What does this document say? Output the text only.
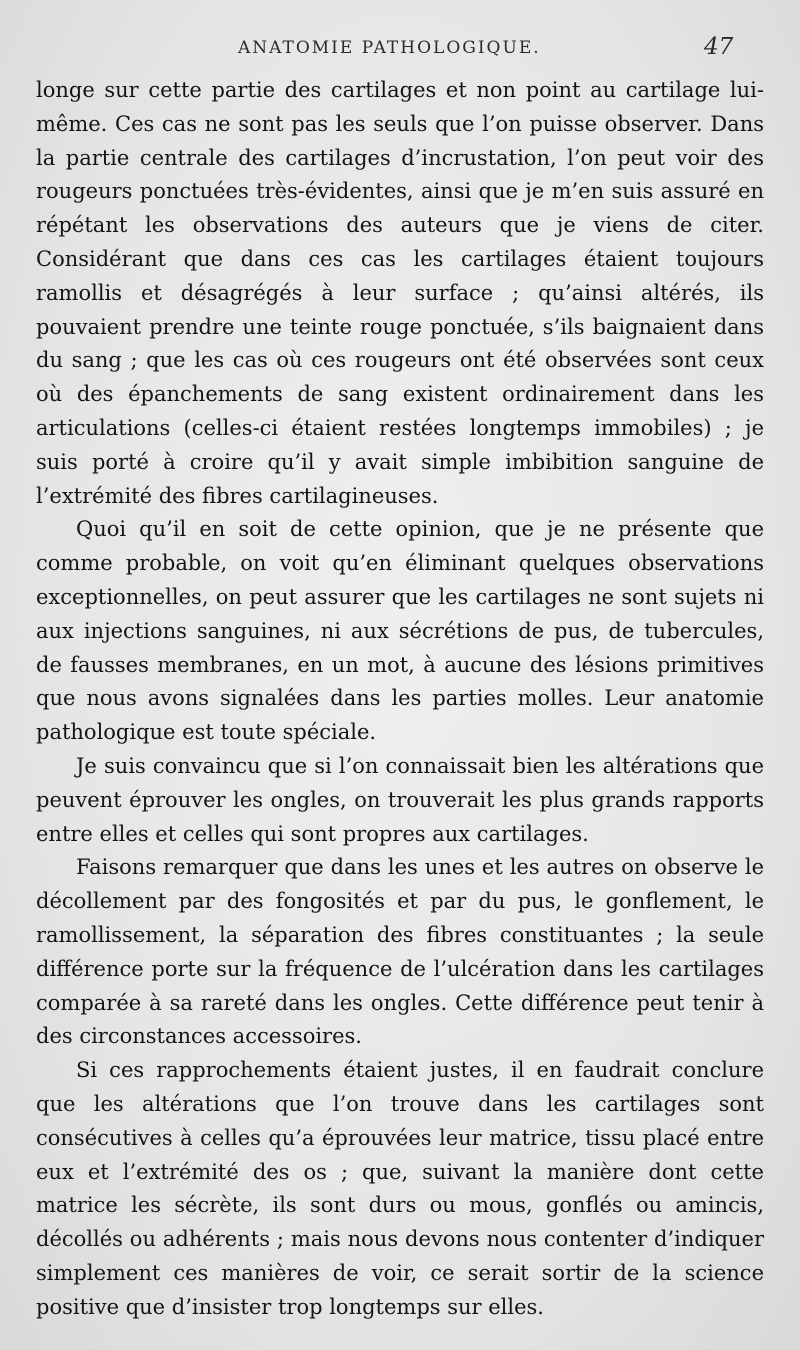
ANATOMIE PATHOLOGIQUE.	47

longe sur cette partie des cartilages et non point au cartilage lui-même. Ces cas ne sont pas les seuls que l’on puisse observer. Dans la partie centrale des cartilages d’incrustation, l’on peut voir des rougeurs ponctuées très-évidentes, ainsi que je m’en suis assuré en répétant les observations des auteurs que je viens de citer. Considérant que dans ces cas les cartilages étaient toujours ramollis et désagrégés à leur surface ; qu’ainsi altérés, ils pouvaient prendre une teinte rouge ponctuée, s’ils baignaient dans du sang ; que les cas où ces rougeurs ont été observées sont ceux où des épanchements de sang existent ordinairement dans les articulations (celles-ci étaient restées longtemps immobiles) ; je suis porté à croire qu’il y avait simple imbibition sanguine de l’extrémité des fibres cartilagineuses.

Quoi qu’il en soit de cette opinion, que je ne présente que comme probable, on voit qu’en éliminant quelques observations exceptionnelles, on peut assurer que les cartilages ne sont sujets ni aux injections sanguines, ni aux sécrétions de pus, de tubercules, de fausses membranes, en un mot, à aucune des lésions primitives que nous avons signalées dans les parties molles. Leur anatomie pathologique est toute spéciale.

Je suis convaincu que si l’on connaissait bien les altérations que peuvent éprouver les ongles, on trouverait les plus grands rapports entre elles et celles qui sont propres aux cartilages.

Faisons remarquer que dans les unes et les autres on observe le décollement par des fongosités et par du pus, le gonflement, le ramollissement, la séparation des fibres constituantes ; la seule différence porte sur la fréquence de l’ulcération dans les cartilages comparée à sa rareté dans les ongles. Cette différence peut tenir à des circonstances accessoires.

Si ces rapprochements étaient justes, il en faudrait conclure que les altérations que l’on trouve dans les cartilages sont consécutives à celles qu’a éprouvées leur matrice, tissu placé entre eux et l’extrémité des os ; que, suivant la manière dont cette matrice les sécrète, ils sont durs ou mous, gonflés ou amincis, décollés ou adhérents ; mais nous devons nous contenter d’indiquer simplement ces manières de voir, ce serait sortir de la science positive que d’insister trop longtemps sur elles.
